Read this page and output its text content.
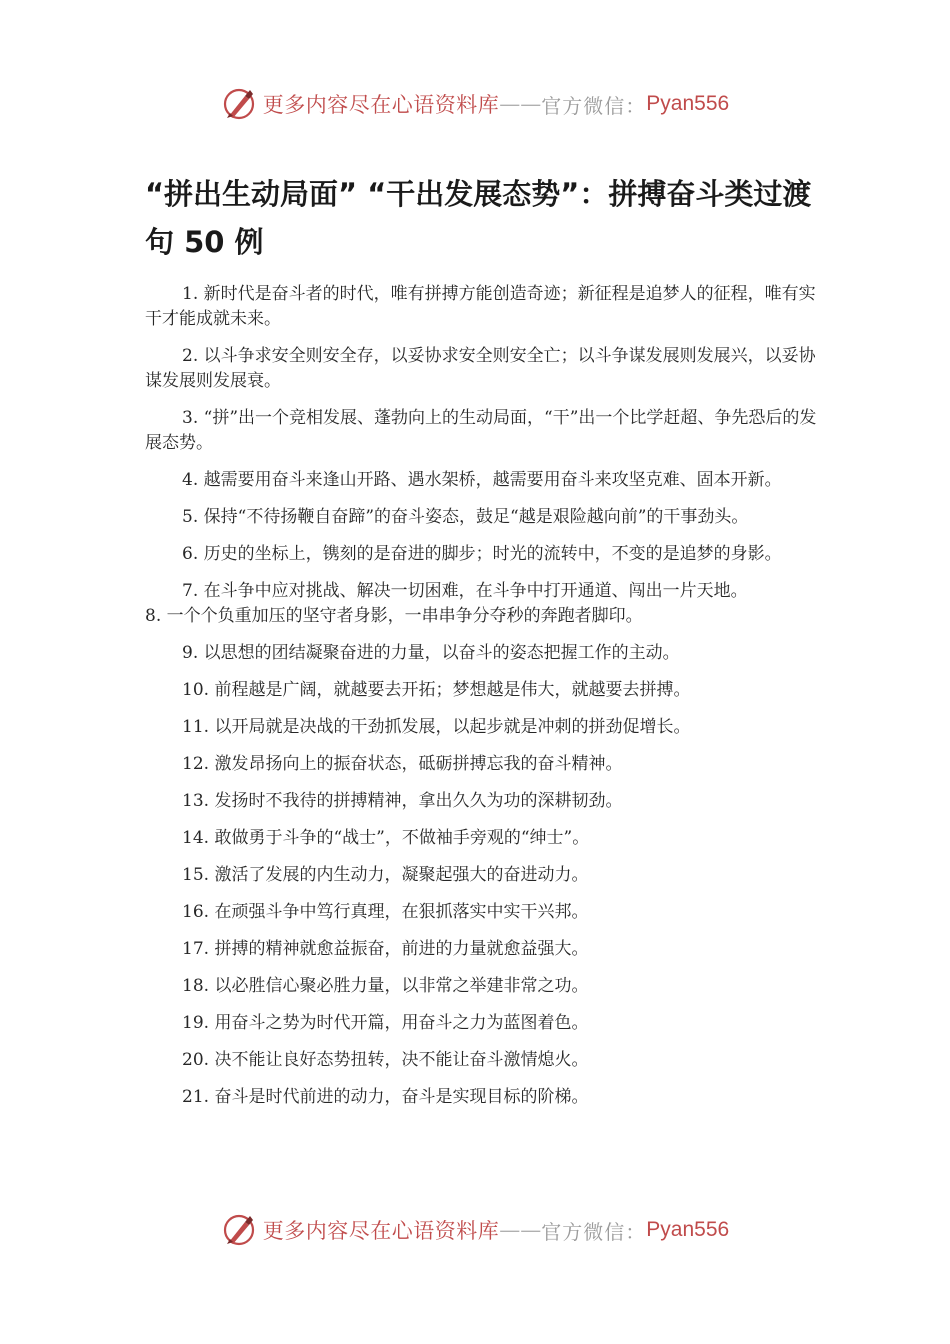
更多内容尽在心语资料库 —— 官方微信： Pyan556
“拼出生动局面” “干出发展态势”：拼搏奋斗类过渡句 50 例

1. 新时代是奋斗者的时代，唯有拼搏方能创造奇迹；新征程是追梦人的征程，唯有实干才能成就未来。

2. 以斗争求安全则安全存，以妥协求安全则安全亡；以斗争谋发展则发展兴，以妥协谋发展则发展衰。

3. “拼”出一个竞相发展、蓬勃向上的生动局面，“干”出一个比学赶超、争先恐后的发展态势。

4. 越需要用奋斗来逢山开路、遇水架桥，越需要用奋斗来攻坚克难、固本开新。

5. 保持“不待扬鞭自奋蹄”的奋斗姿态，鼓足“越是艰险越向前”的干事劲头。

6. 历史的坐标上，镌刻的是奋进的脚步；时光的流转中，不变的是追梦的身影。

7. 在斗争中应对挑战、解决一切困难，在斗争中打开通道、闯出一片天地。

8. 一个个负重加压的坚守者身影，一串串争分夺秒的奔跑者脚印。

9. 以思想的团结凝聚奋进的力量，以奋斗的姿态把握工作的主动。

10. 前程越是广阔，就越要去开拓；梦想越是伟大，就越要去拼搏。

11. 以开局就是决战的干劲抓发展，以起步就是冲刺的拼劲促增长。

12. 激发昂扬向上的振奋状态，砥砺拼搏忘我的奋斗精神。

13. 发扬时不我待的拼搏精神，拿出久久为功的深耕韧劲。

14. 敢做勇于斗争的“战士”，不做袖手旁观的“绅士”。

15. 激活了发展的内生动力，凝聚起强大的奋进动力。

16. 在顽强斗争中笃行真理，在狠抓落实中实干兴邦。

17. 拼搏的精神就愈益振奋，前进的力量就愈益强大。

18. 以必胜信心聚必胜力量，以非常之举建非常之功。

19. 用奋斗之势为时代开篇，用奋斗之力为蓝图着色。

20. 决不能让良好态势扭转，决不能让奋斗激情熄火。

21. 奋斗是时代前进的动力，奋斗是实现目标的阶梯。

更多内容尽在心语资料库 —— 官方微信： Pyan556
